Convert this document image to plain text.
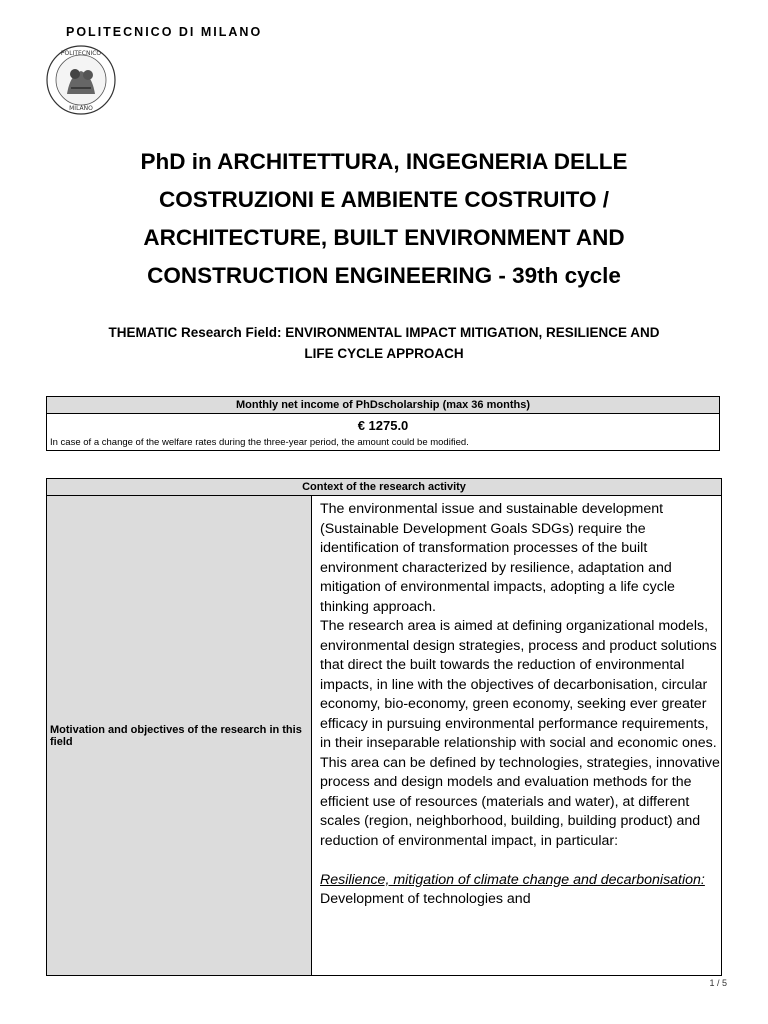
POLITECNICO DI MILANO
POLITECNICO
MILANO
PhD in ARCHITETTURA, INGEGNERIA DELLE
COSTRUZIONI E AMBIENTE COSTRUITO /
ARCHITECTURE, BUILT ENVIRONMENT AND
CONSTRUCTION ENGINEERING - 39th cycle
THEMATIC Research Field: ENVIRONMENTAL IMPACT MITIGATION, RESILIENCE AND
LIFE CYCLE APPROACH
Monthly net income of PhDscholarship (max 36 months)
€ 1275.0
In case of a change of the welfare rates during the three-year period, the amount could be modified.
Context of the research activity
Motivation and objectives of the research in this field

The environmental issue and sustainable development (Sustainable Development Goals SDGs) require the identification of transformation processes of the built environment characterized by resilience, adaptation and mitigation of environmental impacts, adopting a life cycle thinking approach.

The research area is aimed at defining organizational models, environmental design strategies, process and product solutions that direct the built towards the reduction of environmental impacts, in line with the objectives of decarbonisation, circular economy, bio-economy, green economy, seeking ever greater efficacy in pursuing environmental performance requirements, in their inseparable relationship with social and economic ones.

This area can be defined by technologies, strategies, innovative process and design models and evaluation methods for the efficient use of resources (materials and water), at different scales (region, neighborhood, building, building product) and reduction of environmental impact, in particular:

Resilience, mitigation of climate change and decarbonisation: Development of technologies and

1 / 5
